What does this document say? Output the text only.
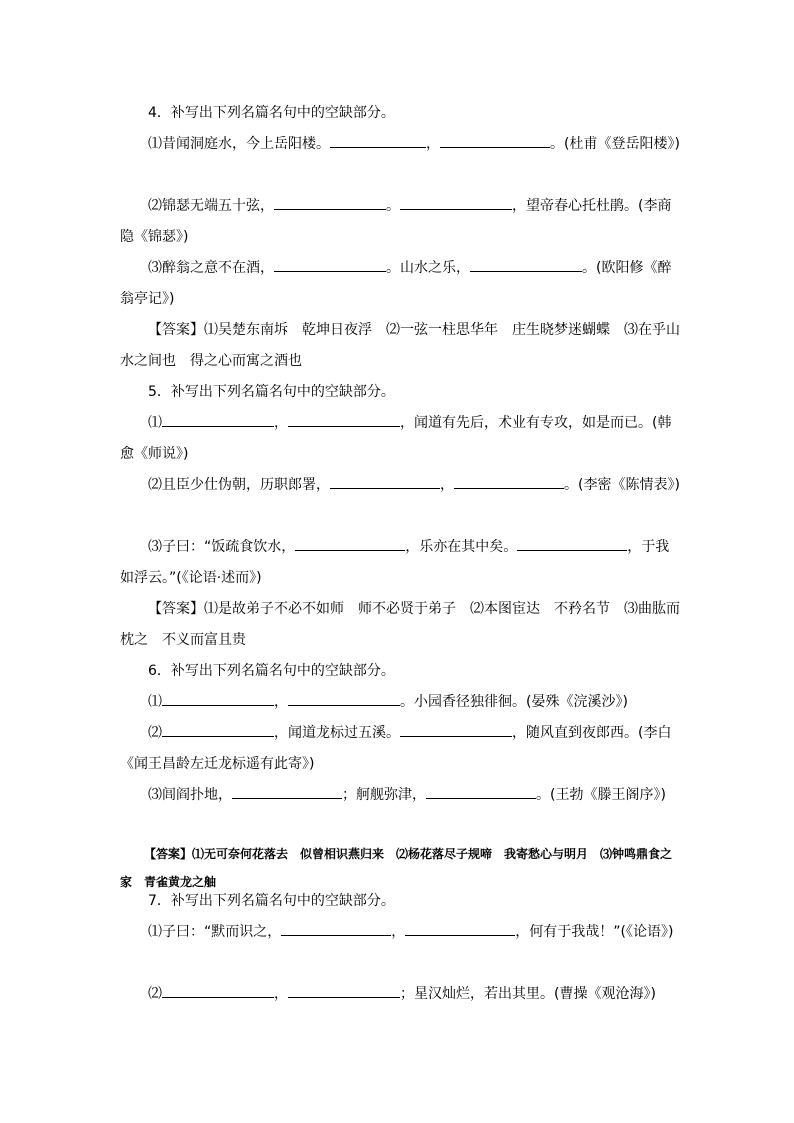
4．补写出下列名篇名句中的空缺部分。

⑴昔闻洞庭水，今上岳阳楼。	，	。(杜甫《登岳阳楼》)

⑵锦瑟无端五十弦，	。	，望帝春心托杜鹃。(李商隐《锦瑟》)

⑶醉翁之意不在酒，	。山水之乐，	。(欧阳修《醉翁亭记》)

【答案】⑴吴楚东南坼　乾坤日夜浮　⑵一弦一柱思华年　庄生晓梦迷蝴蝶　⑶在乎山水之间也　得之心而寓之酒也

5．补写出下列名篇名句中的空缺部分。

⑴	，	，闻道有先后，术业有专攻，如是而已。(韩愈《师说》)

⑵且臣少仕伪朝，历职郎署，	，	。(李密《陈情表》)

⑶子曰：“饭疏食饮水，	，乐亦在其中矣。	，于我如浮云。”(《论语·述而》)

【答案】⑴是故弟子不必不如师　师不必贤于弟子　⑵本图宦达　不矜名节　⑶曲肱而枕之　不义而富且贵

6．补写出下列名篇名句中的空缺部分。

⑴	，	。小园香径独徘徊。(晏殊《浣溪沙》)

⑵	，闻道龙标过五溪。	，随风直到夜郎西。(李白《闻王昌龄左迁龙标遥有此寄》)

⑶闾阎扑地，	；舸舰弥津，	。(王勃《滕王阁序》)

【答案】⑴无可奈何花落去　似曾相识燕归来　⑵杨花落尽子规啼　我寄愁心与明月　⑶钟鸣鼎食之家　青雀黄龙之舳

7．补写出下列名篇名句中的空缺部分。

⑴子曰：“默而识之，	，	，何有于我哉！”(《论语》)

⑵	，	；星汉灿烂，若出其里。(曹操《观沧海》)
